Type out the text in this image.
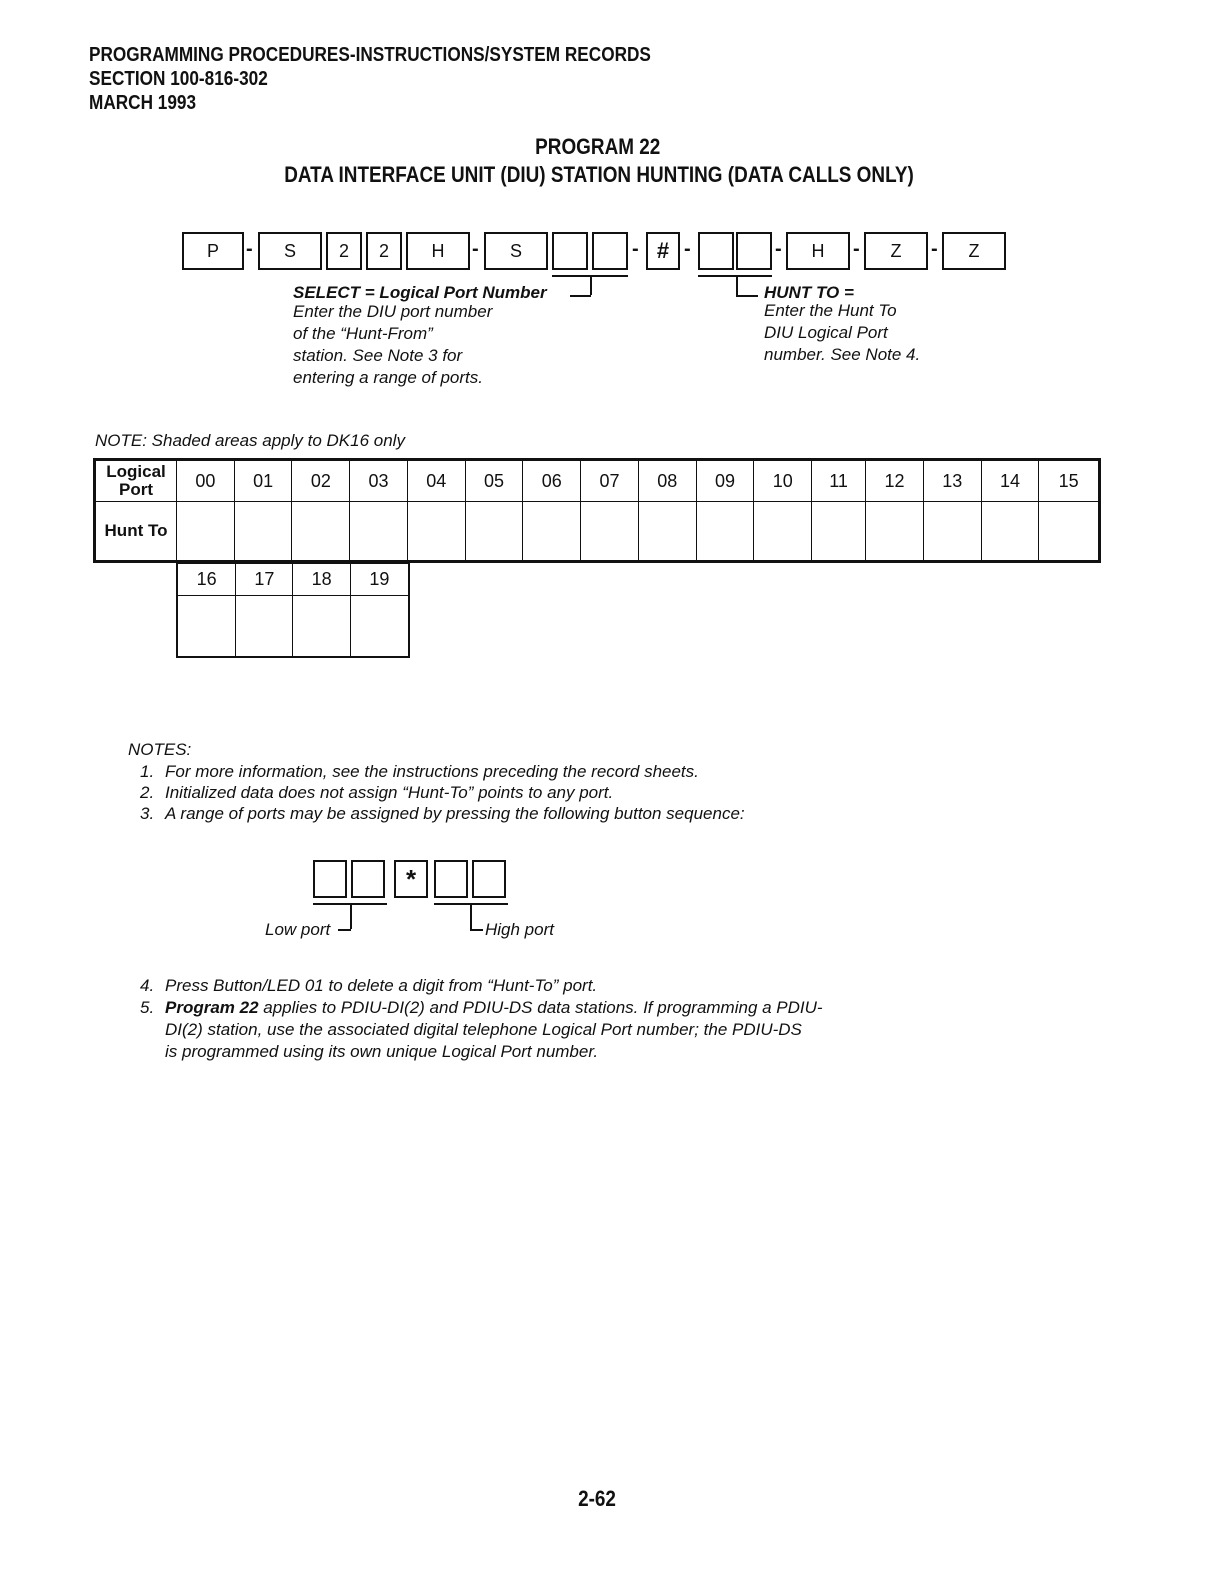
PROGRAMMING PROCEDURES-INSTRUCTIONS/SYSTEM RECORDS
SECTION 100-816-302
MARCH 1993
PROGRAM 22
DATA INTERFACE UNIT (DIU) STATION HUNTING (DATA CALLS ONLY)
P	-	S	2	2	H	-	S	- # -	-	H	-	Z	-	Z
SELECT = Logical Port Number
Enter the DIU port number
of the “Hunt-From”
station. See Note 3 for
entering a range of ports.
HUNT TO =
Enter the Hunt To
DIU Logical Port
number. See Note 4.
NOTE: Shaded areas apply to DK16 only
Logical Port	00	01	02	03	04	05	06	07	08	09	10	11	12	13	14	15
Hunt To																
16	17	18	19

NOTES:
1. For more information, see the instructions preceding the record sheets.
2. Initialized data does not assign “Hunt-To” points to any port.
3. A range of ports may be assigned by pressing the following button sequence:
*
Low port	High port
4. Press Button/LED 01 to delete a digit from “Hunt-To” port.
5. Program 22 applies to PDIU-DI(2) and PDIU-DS data stations. If programming a PDIU-
DI(2) station, use the associated digital telephone Logical Port number; the PDIU-DS
is programmed using its own unique Logical Port number.
2-62
